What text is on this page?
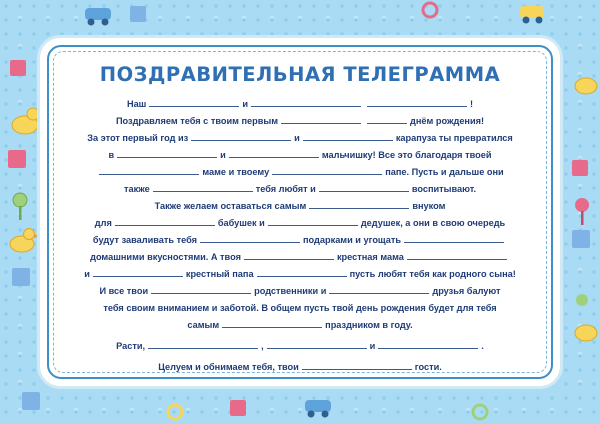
ПОЗДРАВИТЕЛЬНАЯ ТЕЛЕГРАММА
Наш	и	!
Поздравляем тебя с твоим первым	днём рождения!
За этот первый год из	и	карапуза ты превратился
в	и	мальчишку! Все это благодаря твоей
маме и твоему	папе. Пусть и дальше они
также	тебя любят и	воспитывают.
Также желаем оставаться самым	внуком
для	бабушек и	дедушек, а они в свою очередь
будут заваливать тебя	подарками и угощать
домашними вкусностями. А твоя	крестная мама
и	крестный папа	пусть любят тебя как родного сына!
И все твои	родственники и	друзья балуют
тебя своим вниманием и заботой. В общем пусть твой день рождения будет для тебя
самым	праздником в году.
Расти,	,	и	.
Целуем и обнимаем тебя, твои	гости.
